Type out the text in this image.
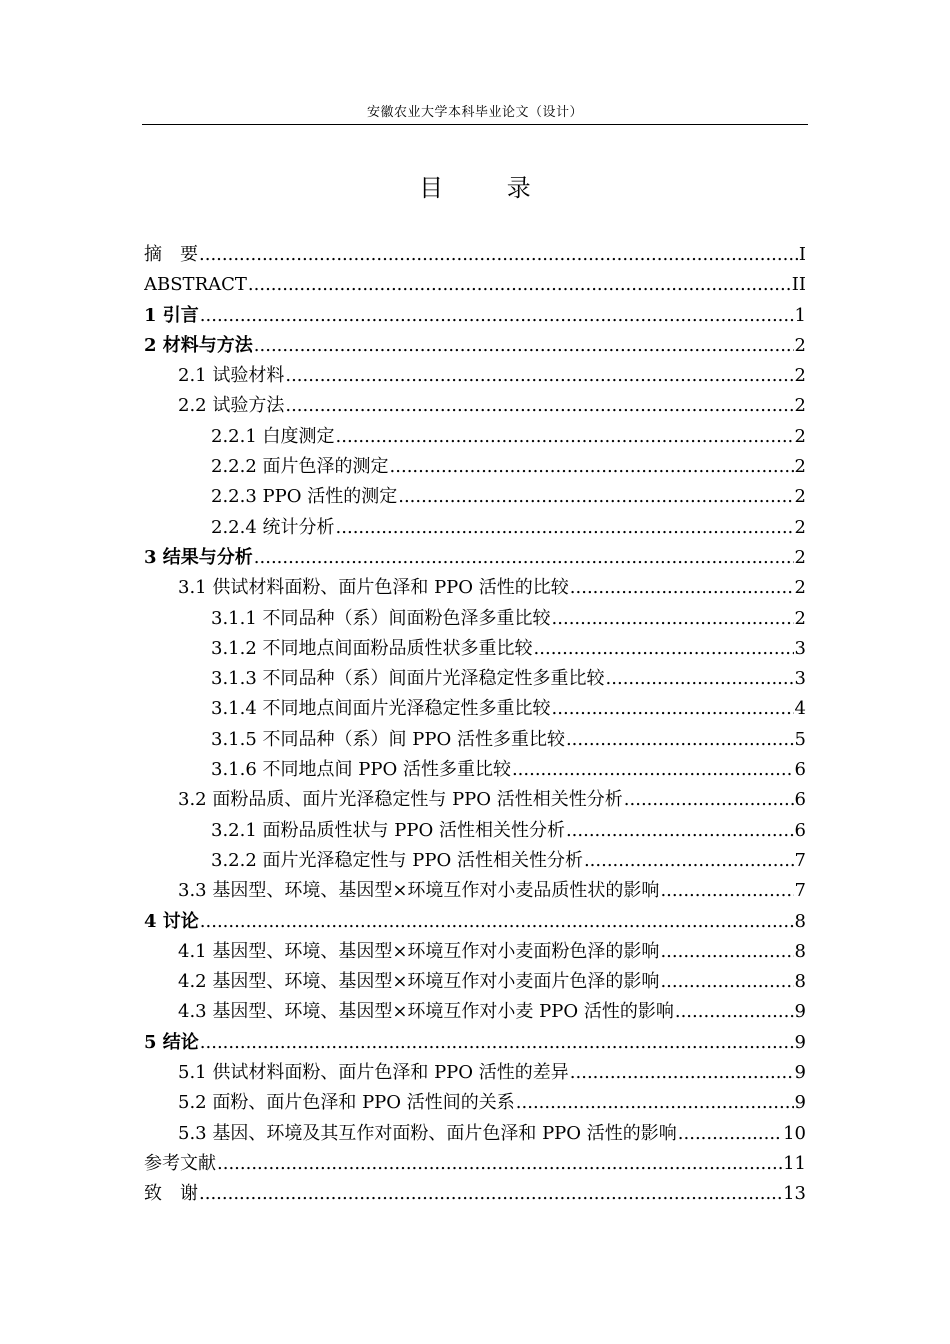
安徽农业大学本科毕业论文（设计）
目 录
摘　要 .....	I
ABSTRACT .....	II
1 引言 .....	1
2 材料与方法 .....	2
2.1 试验材料 .....	2
2.2 试验方法 .....	2
2.2.1 白度测定 .....	2
2.2.2 面片色泽的测定 .....	2
2.2.3 PPO 活性的测定 .....	2
2.2.4 统计分析 .....	2
3 结果与分析 .....	2
3.1 供试材料面粉、面片色泽和 PPO 活性的比较 .....	2
3.1.1 不同品种（系）间面粉色泽多重比较 .....	2
3.1.2 不同地点间面粉品质性状多重比较 .....	3
3.1.3 不同品种（系）间面片光泽稳定性多重比较 .....	3
3.1.4 不同地点间面片光泽稳定性多重比较 .....	4
3.1.5 不同品种（系）间 PPO 活性多重比较 .....	5
3.1.6 不同地点间 PPO 活性多重比较 .....	6
3.2 面粉品质、面片光泽稳定性与 PPO 活性相关性分析 .....	6
3.2.1 面粉品质性状与 PPO 活性相关性分析 .....	6
3.2.2 面片光泽稳定性与 PPO 活性相关性分析 .....	7
3.3 基因型、环境、基因型×环境互作对小麦品质性状的影响 .....	7
4 讨论 .....	8
4.1 基因型、环境、基因型×环境互作对小麦面粉色泽的影响 .....	8
4.2 基因型、环境、基因型×环境互作对小麦面片色泽的影响 .....	8
4.3 基因型、环境、基因型×环境互作对小麦 PPO 活性的影响 .....	9
5 结论 .....	9
5.1 供试材料面粉、面片色泽和 PPO 活性的差异 .....	9
5.2 面粉、面片色泽和 PPO 活性间的关系 .....	9
5.3 基因、环境及其互作对面粉、面片色泽和 PPO 活性的影响 .....	10
参考文献 .....	11
致　谢 .....	13
